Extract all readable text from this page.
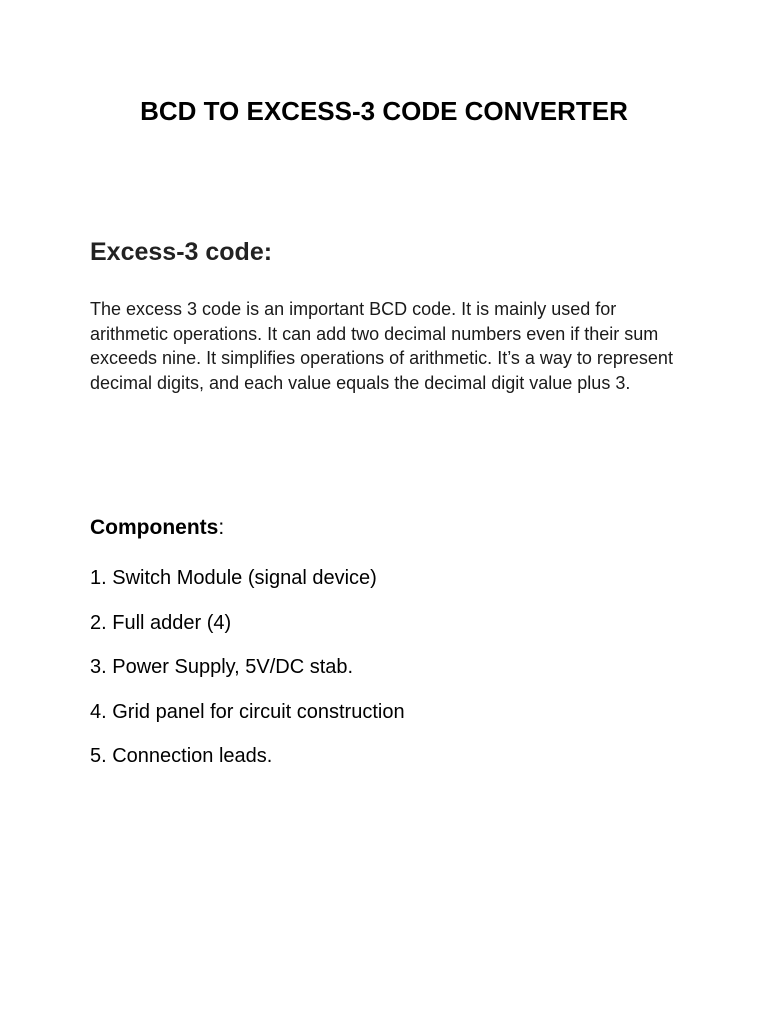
BCD TO EXCESS-3 CODE CONVERTER
Excess-3 code:

The excess 3 code is an important BCD code. It is mainly used for arithmetic operations. It can add two decimal numbers even if their sum exceeds nine. It simplifies operations of arithmetic. It’s a way to represent decimal digits, and each value equals the decimal digit value plus 3.

Components:
1. Switch Module (signal device)
2. Full adder (4)
3. Power Supply, 5V/DC stab.
4. Grid panel for circuit construction
5. Connection leads.
